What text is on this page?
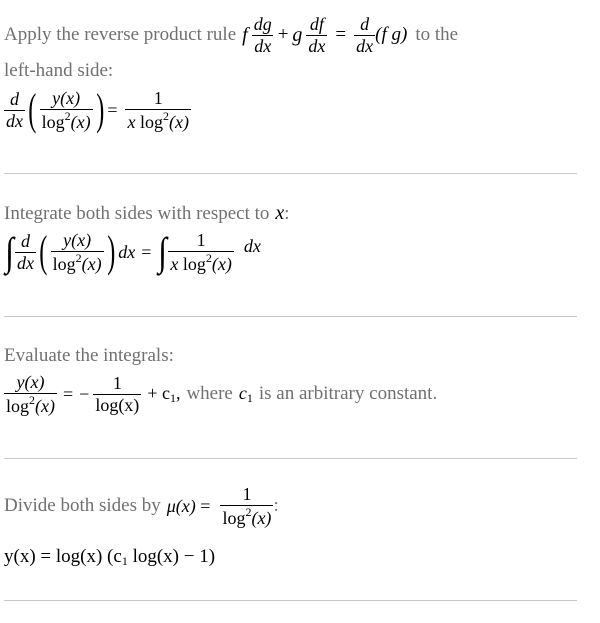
Apply the reverse product rule f $\frac{dg}{dx} + g \frac{df}{dx} = \frac{d}{dx} (f$ g) to the
left-hand side:
$\frac{d}{dx}$ ( $\frac{y(x)}{\log^2(x)}$ ) = $\frac{1}{x \log^2(x)}$
Integrate both sides with respect to x :
∫ $\frac{d}{dx}$ ( $\frac{y(x)}{\log^2(x)}$ ) dx = ∫ $\frac{1}{x \log^2(x)}$ dx
Evaluate the integrals:
$\frac{y(x)}{\log^2(x)}$ = − $\frac{1}{\log(x)} + c_1$, where $c_1$ is an arbitrary constant.
Divide both sides by $\mu(x) = \frac{1}{\log^2(x)}$ :
y(x) = log(x) ($c_1$ log(x) − 1)
